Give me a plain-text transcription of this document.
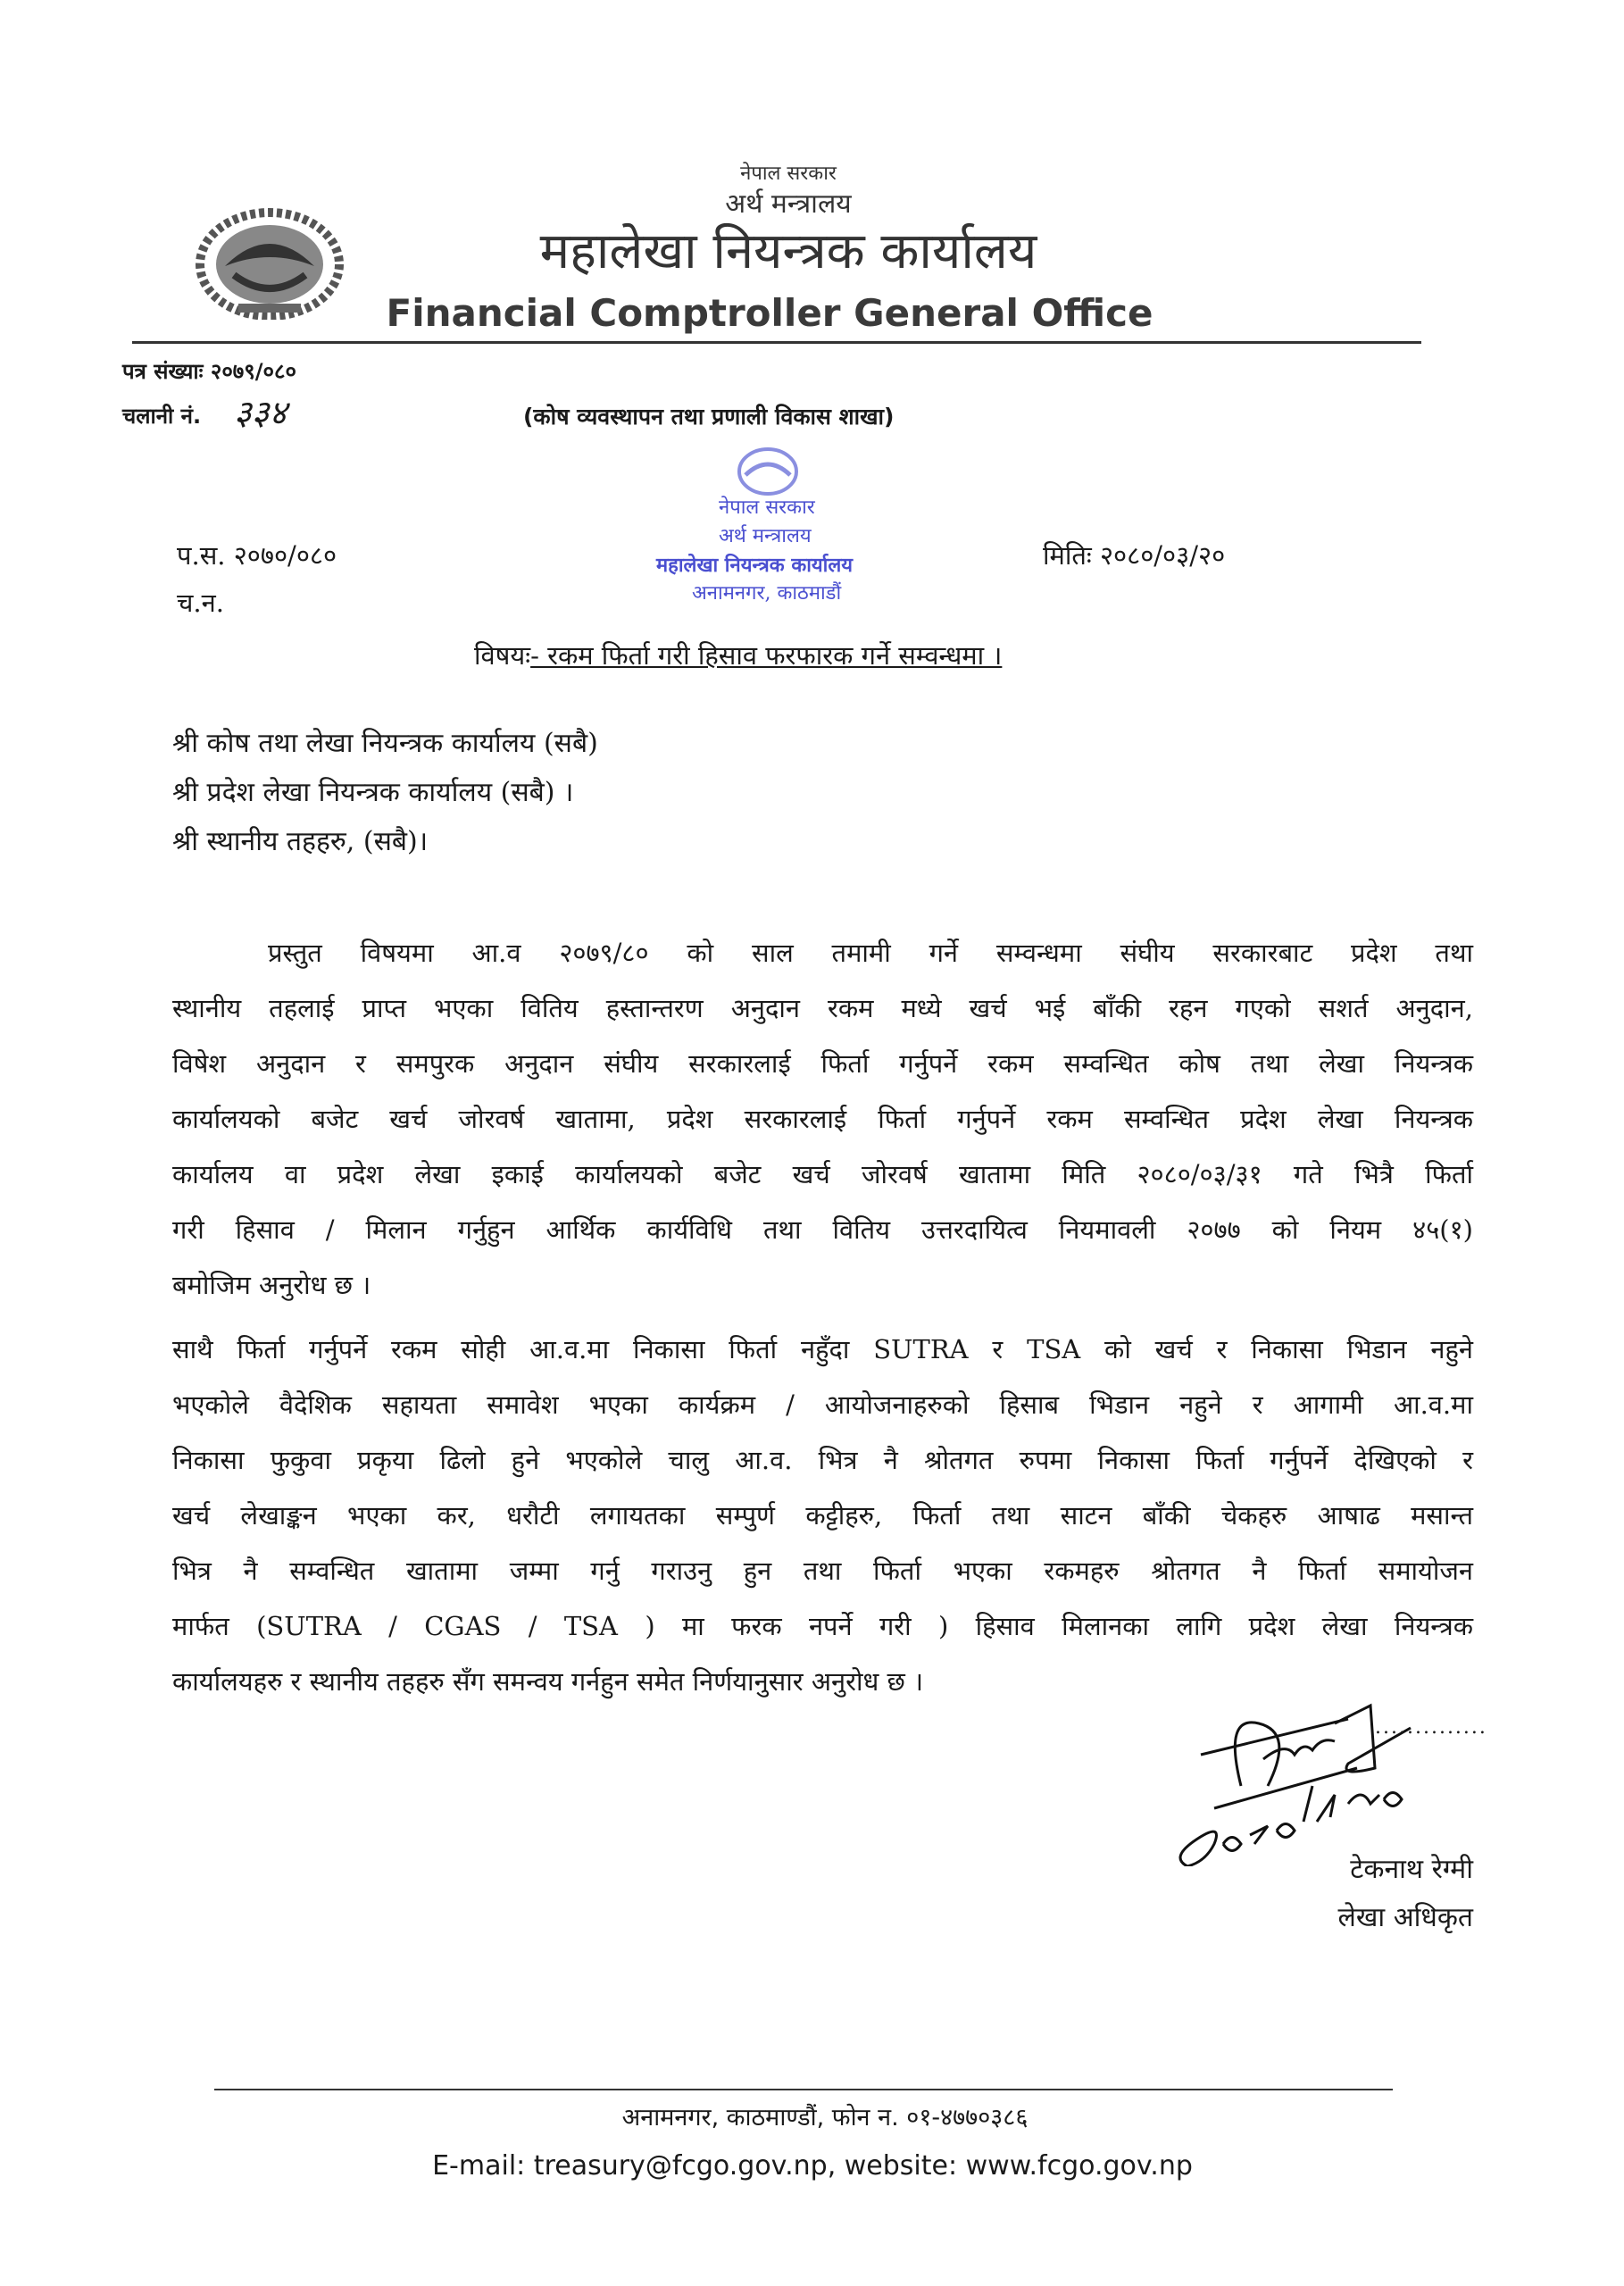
नेपाल सरकार
अर्थ मन्त्रालय
महालेखा नियन्त्रक कार्यालय
Financial Comptroller General Office
पत्र संख्याः २०७९/०८०
चलानी नं. ३३४	(कोष व्यवस्थापन तथा प्रणाली विकास शाखा)
नेपाल सरकार
अर्थ मन्त्रालय
महालेखा नियन्त्रक कार्यालय
अनामनगर, काठमाडौं
प.स. २०७०/०८०
च.न.
मितिः २०८०/०३/२०
विषयः- रकम फिर्ता गरी हिसाव फरफारक गर्ने सम्वन्धमा ।
श्री कोष तथा लेखा नियन्त्रक कार्यालय (सबै)
श्री प्रदेश लेखा नियन्त्रक कार्यालय (सबै) ।
श्री स्थानीय तहहरु, (सबै)।
प्रस्तुत विषयमा आ.व २०७९/८० को साल तमामी गर्ने सम्वन्धमा संघीय सरकारबाट प्रदेश तथा
स्थानीय तहलाई प्राप्त भएका वितिय हस्तान्तरण अनुदान रकम मध्ये खर्च भई बाँकी रहन गएको सशर्त अनुदान,
विषेश अनुदान र समपुरक अनुदान संघीय सरकारलाई फिर्ता गर्नुपर्ने रकम सम्वन्धित कोष तथा लेखा नियन्त्रक
कार्यालयको बजेट खर्च जोरवर्ष खातामा, प्रदेश सरकारलाई फिर्ता गर्नुपर्ने रकम सम्वन्धित प्रदेश लेखा नियन्त्रक
कार्यालय वा प्रदेश लेखा इकाई कार्यालयको बजेट खर्च जोरवर्ष खातामा मिति २०८०/०३/३१ गते भित्रै फिर्ता
गरी हिसाव / मिलान गर्नुहुन आर्थिक कार्यविधि तथा वितिय उत्तरदायित्व नियमावली २०७७ को नियम ४५(१)
बमोजिम अनुरोध छ ।
साथै फिर्ता गर्नुपर्ने रकम सोही आ.व.मा निकासा फिर्ता नहुँदा SUTRA र TSA को खर्च र निकासा भिडान नहुने
भएकोले वैदेशिक सहायता समावेश भएका कार्यक्रम / आयोजनाहरुको हिसाब भिडान नहुने र आगामी आ.व.मा
निकासा फुकुवा प्रकृया ढिलो हुने भएकोले चालु आ.व. भित्र नै श्रोतगत रुपमा निकासा फिर्ता गर्नुपर्ने देखिएको र
खर्च लेखाङ्कन भएका कर, धरौटी लगायतका सम्पुर्ण कट्टीहरु, फिर्ता तथा साटन बाँकी चेकहरु आषाढ मसान्त
भित्र नै सम्वन्धित खातामा जम्मा गर्नु गराउनु हुन तथा फिर्ता भएका रकमहरु श्रोतगत नै फिर्ता समायोजन
मार्फत (SUTRA / CGAS / TSA ) मा फरक नपर्ने गरी ) हिसाव मिलानका लागि प्रदेश लेखा नियन्त्रक
कार्यालयहरु र स्थानीय तहहरु सँग समन्वय गर्नहुन समेत निर्णयानुसार अनुरोध छ ।
..............
टेकनाथ रेग्मी
लेखा अधिकृत
अनामनगर, काठमाण्डौं, फोन न. ०१-४७७०३८६
E-mail: treasury@fcgo.gov.np, website: www.fcgo.gov.np
